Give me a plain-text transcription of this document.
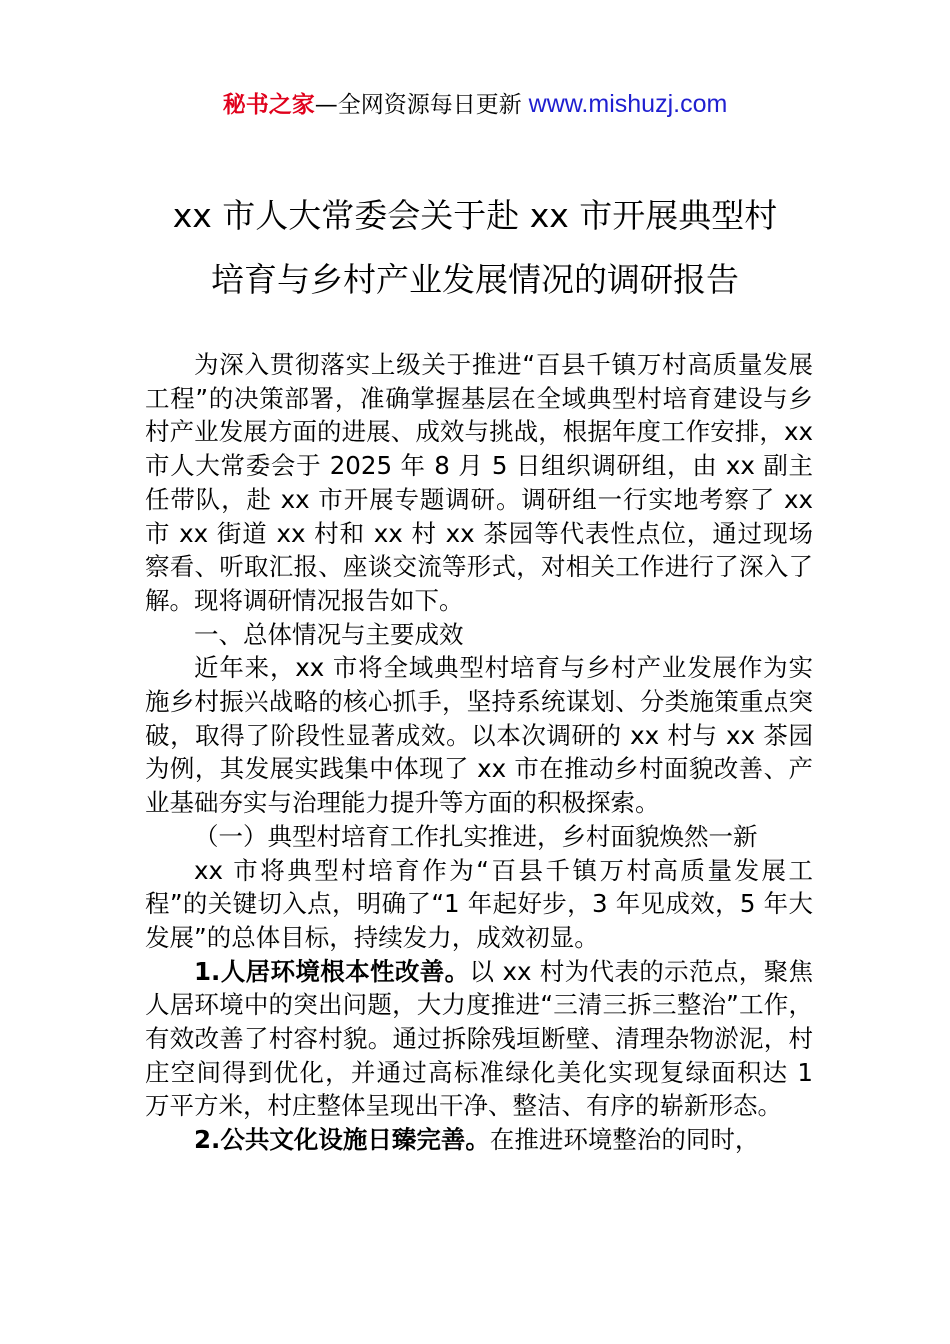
秘书之家—全网资源每日更新 www.mishuzj.com
xx 市人大常委会关于赴 xx 市开展典型村
培育与乡村产业发展情况的调研报告

为深入贯彻落实上级关于推进“百县千镇万村高质量发展工程”的决策部署，准确掌握基层在全域典型村培育建设与乡村产业发展方面的进展、成效与挑战，根据年度工作安排，xx 市人大常委会于 2025 年 8 月 5 日组织调研组，由 xx 副主任带队，赴 xx 市开展专题调研。调研组一行实地考察了 xx 市 xx 街道 xx 村和 xx 村 xx 茶园等代表性点位，通过现场察看、听取汇报、座谈交流等形式，对相关工作进行了深入了解。现将调研情况报告如下。

一、总体情况与主要成效

近年来，xx 市将全域典型村培育与乡村产业发展作为实施乡村振兴战略的核心抓手，坚持系统谋划、分类施策重点突破，取得了阶段性显著成效。以本次调研的 xx 村与 xx 茶园为例，其发展实践集中体现了 xx 市在推动乡村面貌改善、产业基础夯实与治理能力提升等方面的积极探索。

（一）典型村培育工作扎实推进，乡村面貌焕然一新

xx 市将典型村培育作为“百县千镇万村高质量发展工程”的关键切入点，明确了“1 年起好步，3 年见成效，5 年大发展”的总体目标，持续发力，成效初显。

1.人居环境根本性改善。以 xx 村为代表的示范点，聚焦人居环境中的突出问题，大力度推进“三清三拆三整治”工作，有效改善了村容村貌。通过拆除残垣断壁、清理杂物淤泥，村庄空间得到优化，并通过高标准绿化美化实现复绿面积达 1 万平方米，村庄整体呈现出干净、整洁、有序的崭新形态。

2.公共文化设施日臻完善。在推进环境整治的同时，
